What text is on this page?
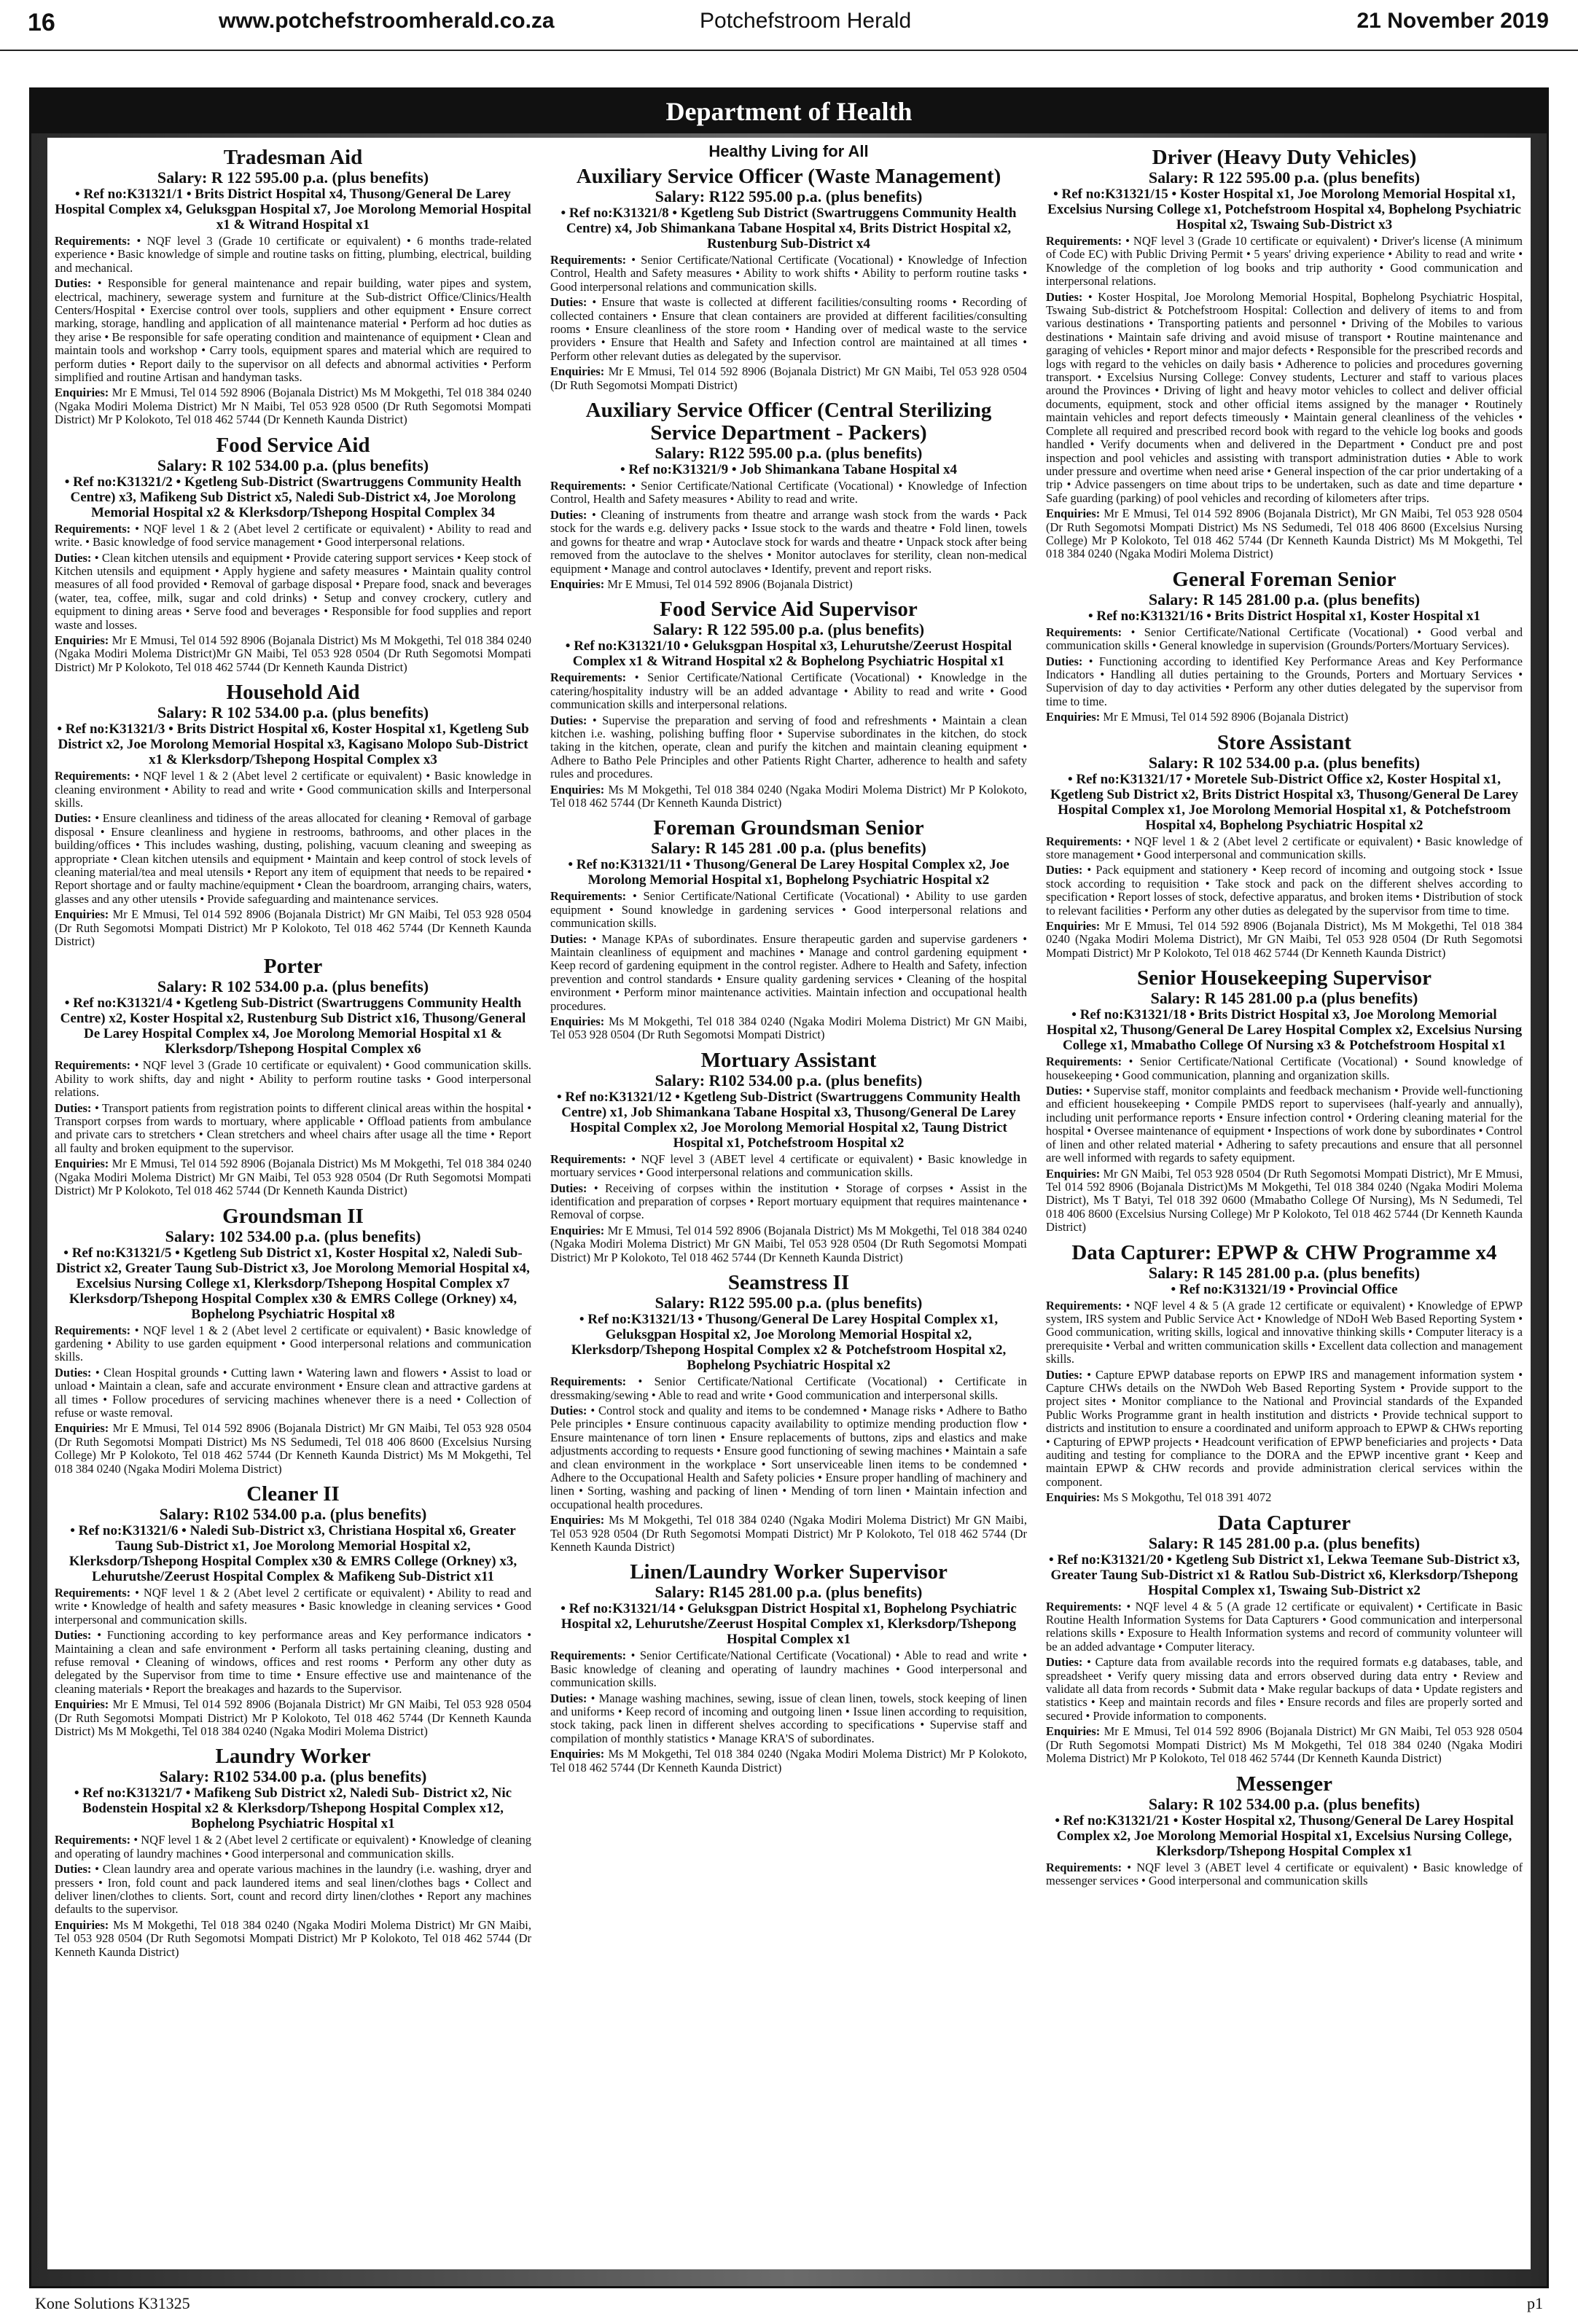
16	www.potchefstroomherald.co.za	Potchefstroom Herald	21 November 2019
Department of Health
Tradesman Aid
Salary: R 122 595.00 p.a. (plus benefits)
• Ref no:K31321/1 • Brits District Hospital x4, Thusong/General De Larey Hospital Complex x4, Geluksgpan Hospital x7, Joe Morolong Memorial Hospital x1 & Witrand Hospital x1

Requirements: • NQF level 3 (Grade 10 certificate or equivalent) • 6 months trade-related experience • Basic knowledge of simple and routine tasks on fitting, plumbing, electrical, building and mechanical.

Duties: • Responsible for general maintenance and repair building, water pipes and system, electrical, machinery, sewerage system and furniture at the Sub-district Office/Clinics/Health Centers/Hospital • Exercise control over tools, suppliers and other equipment • Ensure correct marking, storage, handling and application of all maintenance material • Perform ad hoc duties as they arise • Be responsible for safe operating condition and maintenance of equipment • Clean and maintain tools and workshop • Carry tools, equipment spares and material which are required to perform duties • Report daily to the supervisor on all defects and abnormal activities • Perform simplified and routine Artisan and handyman tasks.

Enquiries: Mr E Mmusi, Tel 014 592 8906 (Bojanala District) Ms M Mokgethi, Tel 018 384 0240 (Ngaka Modiri Molema District) Mr N Maibi, Tel 053 928 0500 (Dr Ruth Segomotsi Mompati District) Mr P Kolokoto, Tel 018 462 5744 (Dr Kenneth Kaunda District)

Food Service Aid
Salary: R 102 534.00 p.a. (plus benefits)
• Ref no:K31321/2 • Kgetleng Sub-District (Swartruggens Community Health Centre) x3, Mafikeng Sub District x5, Naledi Sub-District x4, Joe Morolong Memorial Hospital x2 & Klerksdorp/Tshepong Hospital Complex 34

Requirements: • NQF level 1 & 2 (Abet level 2 certificate or equivalent) • Ability to read and write. • Basic knowledge of food service management • Good interpersonal relations.

Duties: • Clean kitchen utensils and equipment • Provide catering support services • Keep stock of Kitchen utensils and equipment • Apply hygiene and safety measures • Maintain quality control measures of all food provided • Removal of garbage disposal • Prepare food, snack and beverages (water, tea, coffee, milk, sugar and cold drinks) • Setup and convey crockery, cutlery and equipment to dining areas • Serve food and beverages • Responsible for food supplies and report waste and losses.

Enquiries: Mr E Mmusi, Tel 014 592 8906 (Bojanala District) Ms M Mokgethi, Tel 018 384 0240 (Ngaka Modiri Molema District)Mr GN Maibi, Tel 053 928 0504 (Dr Ruth Segomotsi Mompati District) Mr P Kolokoto, Tel 018 462 5744 (Dr Kenneth Kaunda District)

Household Aid
Salary: R 102 534.00 p.a. (plus benefits)
• Ref no:K31321/3 • Brits District Hospital x6, Koster Hospital x1, Kgetleng Sub District x2, Joe Morolong Memorial Hospital x3, Kagisano Molopo Sub-District x1 & Klerksdorp/Tshepong Hospital Complex x3

Requirements: • NQF level 1 & 2 (Abet level 2 certificate or equivalent) • Basic knowledge in cleaning environment • Ability to read and write • Good communication skills and Interpersonal skills.

Duties: • Ensure cleanliness and tidiness of the areas allocated for cleaning • Removal of garbage disposal • Ensure cleanliness and hygiene in restrooms, bathrooms, and other places in the building/offices • This includes washing, dusting, polishing, vacuum cleaning and sweeping as appropriate • Clean kitchen utensils and equipment • Maintain and keep control of stock levels of cleaning material/tea and meal utensils • Report any item of equipment that needs to be repaired • Report shortage and or faulty machine/equipment • Clean the boardroom, arranging chairs, waters, glasses and any other utensils • Provide safeguarding and maintenance services.

Enquiries: Mr E Mmusi, Tel 014 592 8906 (Bojanala District) Mr GN Maibi, Tel 053 928 0504 (Dr Ruth Segomotsi Mompati District) Mr P Kolokoto, Tel 018 462 5744 (Dr Kenneth Kaunda District)

Porter
Salary: R 102 534.00 p.a. (plus benefits)
• Ref no:K31321/4 • Kgetleng Sub-District (Swartruggens Community Health Centre) x2, Koster Hospital x2, Rustenburg Sub District x16, Thusong/General De Larey Hospital Complex x4, Joe Morolong Memorial Hospital x1 & Klerksdorp/Tshepong Hospital Complex x6

Requirements: • NQF level 3 (Grade 10 certificate or equivalent) • Good communication skills. Ability to work shifts, day and night • Ability to perform routine tasks • Good interpersonal relations.

Duties: • Transport patients from registration points to different clinical areas within the hospital • Transport corpses from wards to mortuary, where applicable • Offload patients from ambulance and private cars to stretchers • Clean stretchers and wheel chairs after usage all the time • Report all faulty and broken equipment to the supervisor.

Enquiries: Mr E Mmusi, Tel 014 592 8906 (Bojanala District) Ms M Mokgethi, Tel 018 384 0240 (Ngaka Modiri Molema District) Mr GN Maibi, Tel 053 928 0504 (Dr Ruth Segomotsi Mompati District) Mr P Kolokoto, Tel 018 462 5744 (Dr Kenneth Kaunda District)

Groundsman II
Salary: 102 534.00 p.a. (plus benefits)
• Ref no:K31321/5 • Kgetleng Sub District x1, Koster Hospital x2, Naledi Sub-District x2, Greater Taung Sub-District x3, Joe Morolong Memorial Hospital x4, Excelsius Nursing College x1, Klerksdorp/Tshepong Hospital Complex x7 Klerksdorp/Tshepong Hospital Complex x30 & EMRS College (Orkney) x4, Bophelong Psychiatric Hospital x8

Requirements: • NQF level 1 & 2 (Abet level 2 certificate or equivalent) • Basic knowledge of gardening • Ability to use garden equipment • Good interpersonal relations and communication skills.

Duties: • Clean Hospital grounds • Cutting lawn • Watering lawn and flowers • Assist to load or unload • Maintain a clean, safe and accurate environment • Ensure clean and attractive gardens at all times • Follow procedures of servicing machines whenever there is a need • Collection of refuse or waste removal.

Enquiries: Mr E Mmusi, Tel 014 592 8906 (Bojanala District) Mr GN Maibi, Tel 053 928 0504 (Dr Ruth Segomotsi Mompati District) Ms NS Sedumedi, Tel 018 406 8600 (Excelsius Nursing College) Mr P Kolokoto, Tel 018 462 5744 (Dr Kenneth Kaunda District) Ms M Mokgethi, Tel 018 384 0240 (Ngaka Modiri Molema District)

Cleaner II
Salary: R102 534.00 p.a. (plus benefits)
• Ref no:K31321/6 • Naledi Sub-District x3, Christiana Hospital x6, Greater Taung Sub-District x1, Joe Morolong Memorial Hospital x2, Klerksdorp/Tshepong Hospital Complex x30 & EMRS College (Orkney) x3, Lehurutshe/Zeerust Hospital Complex & Mafikeng Sub-District x11

Requirements: • NQF level 1 & 2 (Abet level 2 certificate or equivalent) • Ability to read and write • Knowledge of health and safety measures • Basic knowledge in cleaning services • Good interpersonal and communication skills.

Duties: • Functioning according to key performance areas and Key performance indicators • Maintaining a clean and safe environment • Perform all tasks pertaining cleaning, dusting and refuse removal • Cleaning of windows, offices and rest rooms • Perform any other duty as delegated by the Supervisor from time to time • Ensure effective use and maintenance of the cleaning materials • Report the breakages and hazards to the Supervisor.

Enquiries: Mr E Mmusi, Tel 014 592 8906 (Bojanala District) Mr GN Maibi, Tel 053 928 0504 (Dr Ruth Segomotsi Mompati District) Mr P Kolokoto, Tel 018 462 5744 (Dr Kenneth Kaunda District) Ms M Mokgethi, Tel 018 384 0240 (Ngaka Modiri Molema District)

Laundry Worker
Salary: R102 534.00 p.a. (plus benefits)
• Ref no:K31321/7 • Mafikeng Sub District x2, Naledi Sub- District x2, Nic Bodenstein Hospital x2 & Klerksdorp/Tshepong Hospital Complex x12, Bophelong Psychiatric Hospital x1

Requirements: • NQF level 1 & 2 (Abet level 2 certificate or equivalent) • Knowledge of cleaning and operating of laundry machines • Good interpersonal and communication skills.

Duties: • Clean laundry area and operate various machines in the laundry (i.e. washing, dryer and pressers • Iron, fold count and pack laundered items and seal linen/clothes bags • Collect and deliver linen/clothes to clients. Sort, count and record dirty linen/clothes • Report any machines defaults to the supervisor.

Enquiries: Ms M Mokgethi, Tel 018 384 0240 (Ngaka Modiri Molema District) Mr GN Maibi, Tel 053 928 0504 (Dr Ruth Segomotsi Mompati District) Mr P Kolokoto, Tel 018 462 5744 (Dr Kenneth Kaunda District)

Healthy Living for All
Auxiliary Service Officer (Waste Management)
Salary: R122 595.00 p.a. (plus benefits)
• Ref no:K31321/8 • Kgetleng Sub District (Swartruggens Community Health Centre) x4, Job Shimankana Tabane Hospital x4, Brits District Hospital x2, Rustenburg Sub-District x4

Requirements: • Senior Certificate/National Certificate (Vocational) • Knowledge of Infection Control, Health and Safety measures • Ability to work shifts • Ability to perform routine tasks • Good interpersonal relations and communication skills.

Duties: • Ensure that waste is collected at different facilities/consulting rooms • Recording of collected containers • Ensure that clean containers are provided at different facilities/consulting rooms • Ensure cleanliness of the store room • Handing over of medical waste to the service providers • Ensure that Health and Safety and Infection control are maintained at all times • Perform other relevant duties as delegated by the supervisor.

Enquiries: Mr E Mmusi, Tel 014 592 8906 (Bojanala District) Mr GN Maibi, Tel 053 928 0504 (Dr Ruth Segomotsi Mompati District)

Auxiliary Service Officer (Central Sterilizing Service Department - Packers)
Salary: R122 595.00 p.a. (plus benefits)
• Ref no:K31321/9 • Job Shimankana Tabane Hospital x4

Requirements: • Senior Certificate/National Certificate (Vocational) • Knowledge of Infection Control, Health and Safety measures • Ability to read and write.

Duties: • Cleaning of instruments from theatre and arrange wash stock from the wards • Pack stock for the wards e.g. delivery packs • Issue stock to the wards and theatre • Fold linen, towels and gowns for theatre and wrap • Autoclave stock for wards and theatre • Unpack stock after being removed from the autoclave to the shelves • Monitor autoclaves for sterility, clean non-medical equipment • Manage and control autoclaves • Identify, prevent and report risks.

Enquiries: Mr E Mmusi, Tel 014 592 8906 (Bojanala District)

Food Service Aid Supervisor
Salary: R 122 595.00 p.a. (plus benefits)
• Ref no:K31321/10 • Geluksgpan Hospital x3, Lehurutshe/Zeerust Hospital Complex x1 & Witrand Hospital x2 & Bophelong Psychiatric Hospital x1

Requirements: • Senior Certificate/National Certificate (Vocational) • Knowledge in the catering/hospitality industry will be an added advantage • Ability to read and write • Good communication skills and interpersonal relations.

Duties: • Supervise the preparation and serving of food and refreshments • Maintain a clean kitchen i.e. washing, polishing buffing floor • Supervise subordinates in the kitchen, do stock taking in the kitchen, operate, clean and purify the kitchen and maintain cleaning equipment • Adhere to Batho Pele Principles and other Patients Right Charter, adherence to health and safety rules and procedures.

Enquiries: Ms M Mokgethi, Tel 018 384 0240 (Ngaka Modiri Molema District) Mr P Kolokoto, Tel 018 462 5744 (Dr Kenneth Kaunda District)

Foreman Groundsman Senior
Salary: R 145 281 .00 p.a. (plus benefits)
• Ref no:K31321/11 • Thusong/General De Larey Hospital Complex x2, Joe Morolong Memorial Hospital x1, Bophelong Psychiatric Hospital x2

Requirements: • Senior Certificate/National Certificate (Vocational) • Ability to use garden equipment • Sound knowledge in gardening services • Good interpersonal relations and communication skills.

Duties: • Manage KPAs of subordinates. Ensure therapeutic garden and supervise gardeners • Maintain cleanliness of equipment and machines • Manage and control gardening equipment • Keep record of gardening equipment in the control register. Adhere to Health and Safety, infection prevention and control standards • Ensure quality gardening services • Cleaning of the hospital environment • Perform minor maintenance activities. Maintain infection and occupational health procedures.

Enquiries: Ms M Mokgethi, Tel 018 384 0240 (Ngaka Modiri Molema District) Mr GN Maibi, Tel 053 928 0504 (Dr Ruth Segomotsi Mompati District)

Mortuary Assistant
Salary: R102 534.00 p.a. (plus benefits)
• Ref no:K31321/12 • Kgetleng Sub-District (Swartruggens Community Health Centre) x1, Job Shimankana Tabane Hospital x3, Thusong/General De Larey Hospital Complex x2, Joe Morolong Memorial Hospital x2, Taung District Hospital x1, Potchefstroom Hospital x2

Requirements: • NQF level 3 (ABET level 4 certificate or equivalent) • Basic knowledge in mortuary services • Good interpersonal relations and communication skills.

Duties: • Receiving of corpses within the institution • Storage of corpses • Assist in the identification and preparation of corpses • Report mortuary equipment that requires maintenance • Removal of corpse.

Enquiries: Mr E Mmusi, Tel 014 592 8906 (Bojanala District) Ms M Mokgethi, Tel 018 384 0240 (Ngaka Modiri Molema District) Mr GN Maibi, Tel 053 928 0504 (Dr Ruth Segomotsi Mompati District) Mr P Kolokoto, Tel 018 462 5744 (Dr Kenneth Kaunda District)

Seamstress II
Salary: R122 595.00 p.a. (plus benefits)
• Ref no:K31321/13 • Thusong/General De Larey Hospital Complex x1, Geluksgpan Hospital x2, Joe Morolong Memorial Hospital x2, Klerksdorp/Tshepong Hospital Complex x2 & Potchefstroom Hospital x2, Bophelong Psychiatric Hospital x2

Requirements: • Senior Certificate/National Certificate (Vocational) • Certificate in dressmaking/sewing • Able to read and write • Good communication and interpersonal skills.

Duties: • Control stock and quality and items to be condemned • Manage risks • Adhere to Batho Pele principles • Ensure continuous capacity availability to optimize mending production flow • Ensure maintenance of torn linen • Ensure replacements of buttons, zips and elastics and make adjustments according to requests • Ensure good functioning of sewing machines • Maintain a safe and clean environment in the workplace • Sort unserviceable linen items to be condemned • Adhere to the Occupational Health and Safety policies • Ensure proper handling of machinery and linen • Sorting, washing and packing of linen • Mending of torn linen • Maintain infection and occupational health procedures.

Enquiries: Ms M Mokgethi, Tel 018 384 0240 (Ngaka Modiri Molema District) Mr GN Maibi, Tel 053 928 0504 (Dr Ruth Segomotsi Mompati District) Mr P Kolokoto, Tel 018 462 5744 (Dr Kenneth Kaunda District)

Linen/Laundry Worker Supervisor
Salary: R145 281.00 p.a. (plus benefits)
• Ref no:K31321/14 • Geluksgpan District Hospital x1, Bophelong Psychiatric Hospital x2, Lehurutshe/Zeerust Hospital Complex x1, Klerksdorp/Tshepong Hospital Complex x1

Requirements: • Senior Certificate/National Certificate (Vocational) • Able to read and write • Basic knowledge of cleaning and operating of laundry machines • Good interpersonal and communication skills.

Duties: • Manage washing machines, sewing, issue of clean linen, towels, stock keeping of linen and uniforms • Keep record of incoming and outgoing linen • Issue linen according to requisition, stock taking, pack linen in different shelves according to specifications • Supervise staff and compilation of monthly statistics • Manage KRA'S of subordinates.

Enquiries: Ms M Mokgethi, Tel 018 384 0240 (Ngaka Modiri Molema District) Mr P Kolokoto, Tel 018 462 5744 (Dr Kenneth Kaunda District)

Driver (Heavy Duty Vehicles)
Salary: R 122 595.00 p.a. (plus benefits)
• Ref no:K31321/15 • Koster Hospital x1, Joe Morolong Memorial Hospital x1, Excelsius Nursing College x1, Potchefstroom Hospital x4, Bophelong Psychiatric Hospital x2, Tswaing Sub-District x3

Requirements: • NQF level 3 (Grade 10 certificate or equivalent) • Driver's license (A minimum of Code EC) with Public Driving Permit • 5 years' driving experience • Ability to read and write • Knowledge of the completion of log books and trip authority • Good communication and interpersonal relations.

Duties: • Koster Hospital, Joe Morolong Memorial Hospital, Bophelong Psychiatric Hospital, Tswaing Sub-district & Potchefstroom Hospital: Collection and delivery of items to and from various destinations • Transporting patients and personnel • Driving of the Mobiles to various destinations • Maintain safe driving and avoid misuse of transport • Routine maintenance and garaging of vehicles • Report minor and major defects • Responsible for the prescribed records and logs with regard to the vehicles on daily basis • Adherence to policies and procedures governing transport. • Excelsius Nursing College: Convey students, Lecturer and staff to various places around the Provinces • Driving of light and heavy motor vehicles to collect and deliver official documents, equipment, stock and other official items assigned by the manager • Routinely maintain vehicles and report defects timeously • Maintain general cleanliness of the vehicles • Complete all required and prescribed record book with regard to the vehicle log books and goods handled • Verify documents when and delivered in the Department • Conduct pre and post inspection and pool vehicles and assisting with transport administration duties • Able to work under pressure and overtime when need arise • General inspection of the car prior undertaking of a trip • Advice passengers on time about trips to be undertaken, such as date and time departure • Safe guarding (parking) of pool vehicles and recording of kilometers after trips.

Enquiries: Mr E Mmusi, Tel 014 592 8906 (Bojanala District), Mr GN Maibi, Tel 053 928 0504 (Dr Ruth Segomotsi Mompati District) Ms NS Sedumedi, Tel 018 406 8600 (Excelsius Nursing College) Mr P Kolokoto, Tel 018 462 5744 (Dr Kenneth Kaunda District) Ms M Mokgethi, Tel 018 384 0240 (Ngaka Modiri Molema District)

General Foreman Senior
Salary: R 145 281.00 p.a. (plus benefits)
• Ref no:K31321/16 • Brits District Hospital x1, Koster Hospital x1

Requirements: • Senior Certificate/National Certificate (Vocational) • Good verbal and communication skills • General knowledge in supervision (Grounds/Porters/Mortuary Services).

Duties: • Functioning according to identified Key Performance Areas and Key Performance Indicators • Handling all duties pertaining to the Grounds, Porters and Mortuary Services • Supervision of day to day activities • Perform any other duties delegated by the supervisor from time to time.

Enquiries: Mr E Mmusi, Tel 014 592 8906 (Bojanala District)

Store Assistant
Salary: R 102 534.00 p.a. (plus benefits)
• Ref no:K31321/17 • Moretele Sub-District Office x2, Koster Hospital x1, Kgetleng Sub District x2, Brits District Hospital x3, Thusong/General De Larey Hospital Complex x1, Joe Morolong Memorial Hospital x1, & Potchefstroom Hospital x4, Bophelong Psychiatric Hospital x2

Requirements: • NQF level 1 & 2 (Abet level 2 certificate or equivalent) • Basic knowledge of store management • Good interpersonal and communication skills.

Duties: • Pack equipment and stationery • Keep record of incoming and outgoing stock • Issue stock according to requisition • Take stock and pack on the different shelves according to specification • Report losses of stock, defective apparatus, and broken items • Distribution of stock to relevant facilities • Perform any other duties as delegated by the supervisor from time to time.

Enquiries: Mr E Mmusi, Tel 014 592 8906 (Bojanala District), Ms M Mokgethi, Tel 018 384 0240 (Ngaka Modiri Molema District), Mr GN Maibi, Tel 053 928 0504 (Dr Ruth Segomotsi Mompati District) Mr P Kolokoto, Tel 018 462 5744 (Dr Kenneth Kaunda District)

Senior Housekeeping Supervisor
Salary: R 145 281.00 p.a (plus benefits)
• Ref no:K31321/18 • Brits District Hospital x3, Joe Morolong Memorial Hospital x2, Thusong/General De Larey Hospital Complex x2, Excelsius Nursing College x1, Mmabatho College Of Nursing x3 & Potchefstroom Hospital x1

Requirements: • Senior Certificate/National Certificate (Vocational) • Sound knowledge of housekeeping • Good communication, planning and organization skills.

Duties: • Supervise staff, monitor complaints and feedback mechanism • Provide well-functioning and efficient housekeeping • Compile PMDS report to supervisees (half-yearly and annually), including unit performance reports • Ensure infection control • Ordering cleaning material for the hospital • Oversee maintenance of equipment • Inspections of work done by subordinates • Control of linen and other related material • Adhering to safety precautions and ensure that all personnel are well informed with regards to safety equipment.

Enquiries: Mr GN Maibi, Tel 053 928 0504 (Dr Ruth Segomotsi Mompati District), Mr E Mmusi, Tel 014 592 8906 (Bojanala District)Ms M Mokgethi, Tel 018 384 0240 (Ngaka Modiri Molema District), Ms T Batyi, Tel 018 392 0600 (Mmabatho College Of Nursing), Ms N Sedumedi, Tel 018 406 8600 (Excelsius Nursing College) Mr P Kolokoto, Tel 018 462 5744 (Dr Kenneth Kaunda District)

Data Capturer: EPWP & CHW Programme x4
Salary: R 145 281.00 p.a. (plus benefits)
• Ref no:K31321/19 • Provincial Office

Requirements: • NQF level 4 & 5 (A grade 12 certificate or equivalent) • Knowledge of EPWP system, IRS system and Public Service Act • Knowledge of NDoH Web Based Reporting System • Good communication, writing skills, logical and innovative thinking skills • Computer literacy is a prerequisite • Verbal and written communication skills • Excellent data collection and management skills.

Duties: • Capture EPWP database reports on EPWP IRS and management information system • Capture CHWs details on the NWDoh Web Based Reporting System • Provide support to the project sites • Monitor compliance to the National and Provincial standards of the Expanded Public Works Programme grant in health institution and districts • Provide technical support to districts and institution to ensure a coordinated and uniform approach to EPWP & CHWs reporting • Capturing of EPWP projects • Headcount verification of EPWP beneficiaries and projects • Data auditing and testing for compliance to the DORA and the EPWP incentive grant • Keep and maintain EPWP & CHW records and provide administration clerical services within the component.

Enquiries: Ms S Mokgothu, Tel 018 391 4072

Data Capturer
Salary: R 145 281.00 p.a. (plus benefits)
• Ref no:K31321/20 • Kgetleng Sub District x1, Lekwa Teemane Sub-District x3, Greater Taung Sub-District x1 & Ratlou Sub-District x6, Klerksdorp/Tshepong Hospital Complex x1, Tswaing Sub-District x2

Requirements: • NQF level 4 & 5 (A grade 12 certificate or equivalent) • Certificate in Basic Routine Health Information Systems for Data Capturers • Good communication and interpersonal relations skills • Exposure to Health Information systems and record of community volunteer will be an added advantage • Computer literacy.

Duties: • Capture data from available records into the required formats e.g databases, table, and spreadsheet • Verify query missing data and errors observed during data entry • Review and validate all data from records • Submit data • Make regular backups of data • Update registers and statistics • Keep and maintain records and files • Ensure records and files are properly sorted and secured • Provide information to components.

Enquiries: Mr E Mmusi, Tel 014 592 8906 (Bojanala District) Mr GN Maibi, Tel 053 928 0504 (Dr Ruth Segomotsi Mompati District) Ms M Mokgethi, Tel 018 384 0240 (Ngaka Modiri Molema District) Mr P Kolokoto, Tel 018 462 5744 (Dr Kenneth Kaunda District)

Messenger
Salary: R 102 534.00 p.a. (plus benefits)
• Ref no:K31321/21 • Koster Hospital x2, Thusong/General De Larey Hospital Complex x2, Joe Morolong Memorial Hospital x1, Excelsius Nursing College, Klerksdorp/Tshepong Hospital Complex x1

Requirements: • NQF level 3 (ABET level 4 certificate or equivalent) • Basic knowledge of messenger services • Good interpersonal and communication skills

Kone Solutions K31325	p1
